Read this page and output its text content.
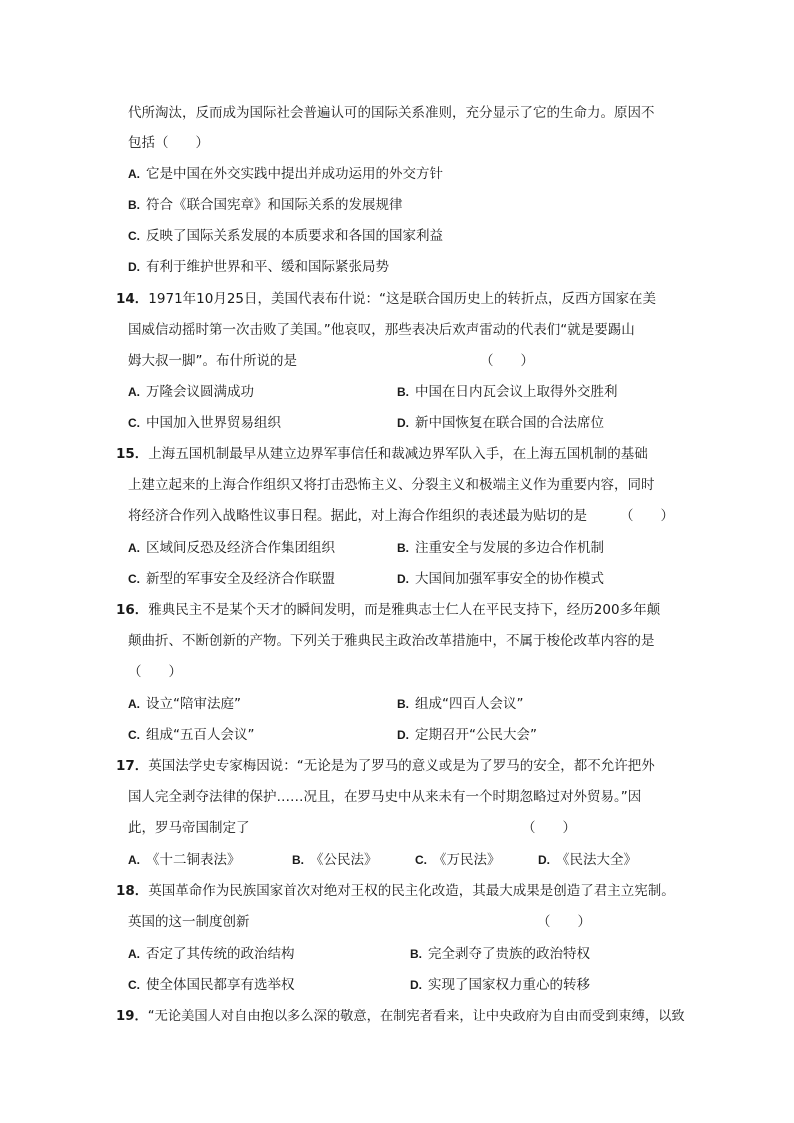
代所淘汰，反而成为国际社会普遍认可的国际关系准则，充分显示了它的生命力。原因不
包括（　　）
A. 它是中国在外交实践中提出并成功运用的外交方针
B. 符合《联合国宪章》和国际关系的发展规律
C. 反映了国际关系发展的本质要求和各国的国家利益
D. 有利于维护世界和平、缓和国际紧张局势
14．1971年10月25日，美国代表布什说：“这是联合国历史上的转折点，反西方国家在美
国威信动摇时第一次击败了美国。”他哀叹，那些表决后欢声雷动的代表们“就是要踢山
姆大叔一脚”。布什所说的是	（　　）
A. 万隆会议圆满成功	B. 中国在日内瓦会议上取得外交胜利
C. 中国加入世界贸易组织	D. 新中国恢复在联合国的合法席位
15．上海五国机制最早从建立边界军事信任和裁减边界军队入手，在上海五国机制的基础
上建立起来的上海合作组织又将打击恐怖主义、分裂主义和极端主义作为重要内容，同时
将经济合作列入战略性议事日程。据此，对上海合作组织的表述最为贴切的是 （　　）
A. 区域间反恐及经济合作集团组织	B. 注重安全与发展的多边合作机制
C. 新型的军事安全及经济合作联盟	D. 大国间加强军事安全的协作模式
16．雅典民主不是某个天才的瞬间发明，而是雅典志士仁人在平民支持下，经历200多年颠
颠曲折、不断创新的产物。下列关于雅典民主政治改革措施中，不属于梭伦改革内容的是
（　　）
A. 设立“陪审法庭”	B. 组成“四百人会议”
C. 组成“五百人会议”	D. 定期召开“公民大会”
17．英国法学史专家梅因说：“无论是为了罗马的意义或是为了罗马的安全，都不允许把外
国人完全剥夺法律的保护……况且，在罗马史中从来未有一个时期忽略过对外贸易。”因
此，罗马帝国制定了	（　　）
A. 《十二铜表法》	B. 《公民法》	C. 《万民法》	D. 《民法大全》
18．英国革命作为民族国家首次对绝对王权的民主化改造，其最大成果是创造了君主立宪制。
英国的这一制度创新	（　　）
A. 否定了其传统的政治结构	B. 完全剥夺了贵族的政治特权
C. 使全体国民都享有选举权	D. 实现了国家权力重心的转移
19．“无论美国人对自由抱以多么深的敬意，在制宪者看来，让中央政府为自由而受到束缚，以致
